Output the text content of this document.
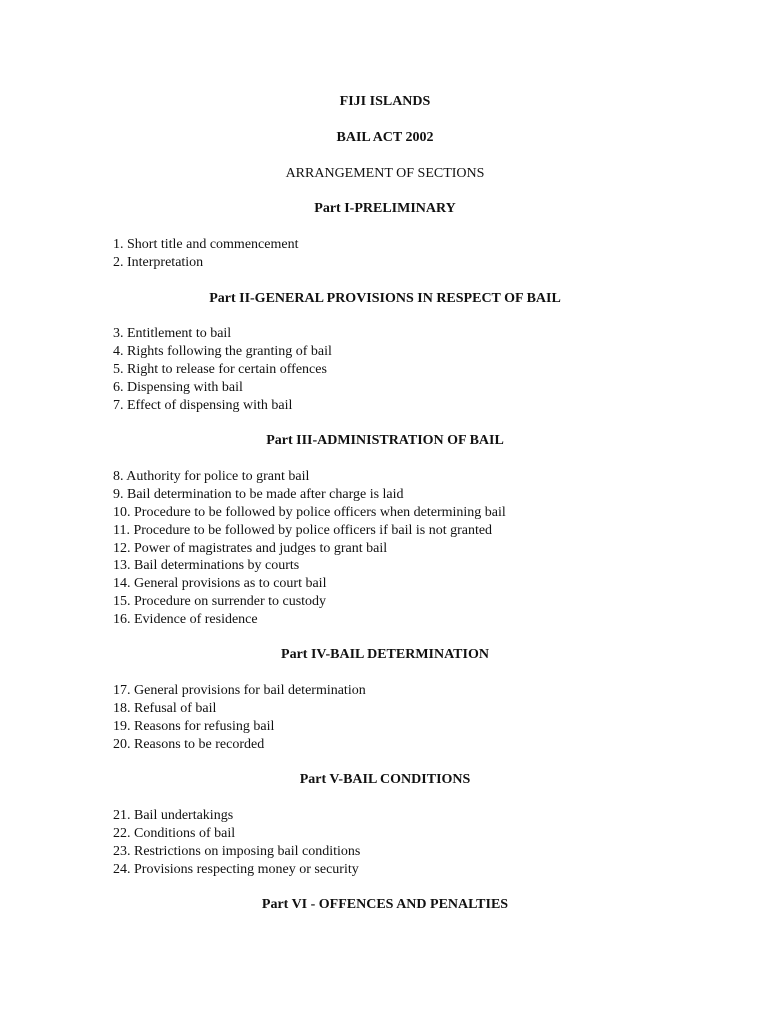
FIJI ISLANDS
BAIL ACT 2002
ARRANGEMENT OF SECTIONS
Part I-PRELIMINARY
1. Short title and commencement
2. Interpretation
Part II-GENERAL PROVISIONS IN RESPECT OF BAIL
3. Entitlement to bail
4. Rights following the granting of bail
5. Right to release for certain offences
6. Dispensing with bail
7. Effect of dispensing with bail
Part III-ADMINISTRATION OF BAIL
8. Authority for police to grant bail
9. Bail determination to be made after charge is laid
10. Procedure to be followed by police officers when determining bail
11. Procedure to be followed by police officers if bail is not granted
12. Power of magistrates and judges to grant bail
13. Bail determinations by courts
14. General provisions as to court bail
15. Procedure on surrender to custody
16. Evidence of residence
Part IV-BAIL DETERMINATION
17. General provisions for bail determination
18. Refusal of bail
19. Reasons for refusing bail
20. Reasons to be recorded
Part V-BAIL CONDITIONS
21. Bail undertakings
22. Conditions of bail
23. Restrictions on imposing bail conditions
24. Provisions respecting money or security
Part VI - OFFENCES AND PENALTIES
